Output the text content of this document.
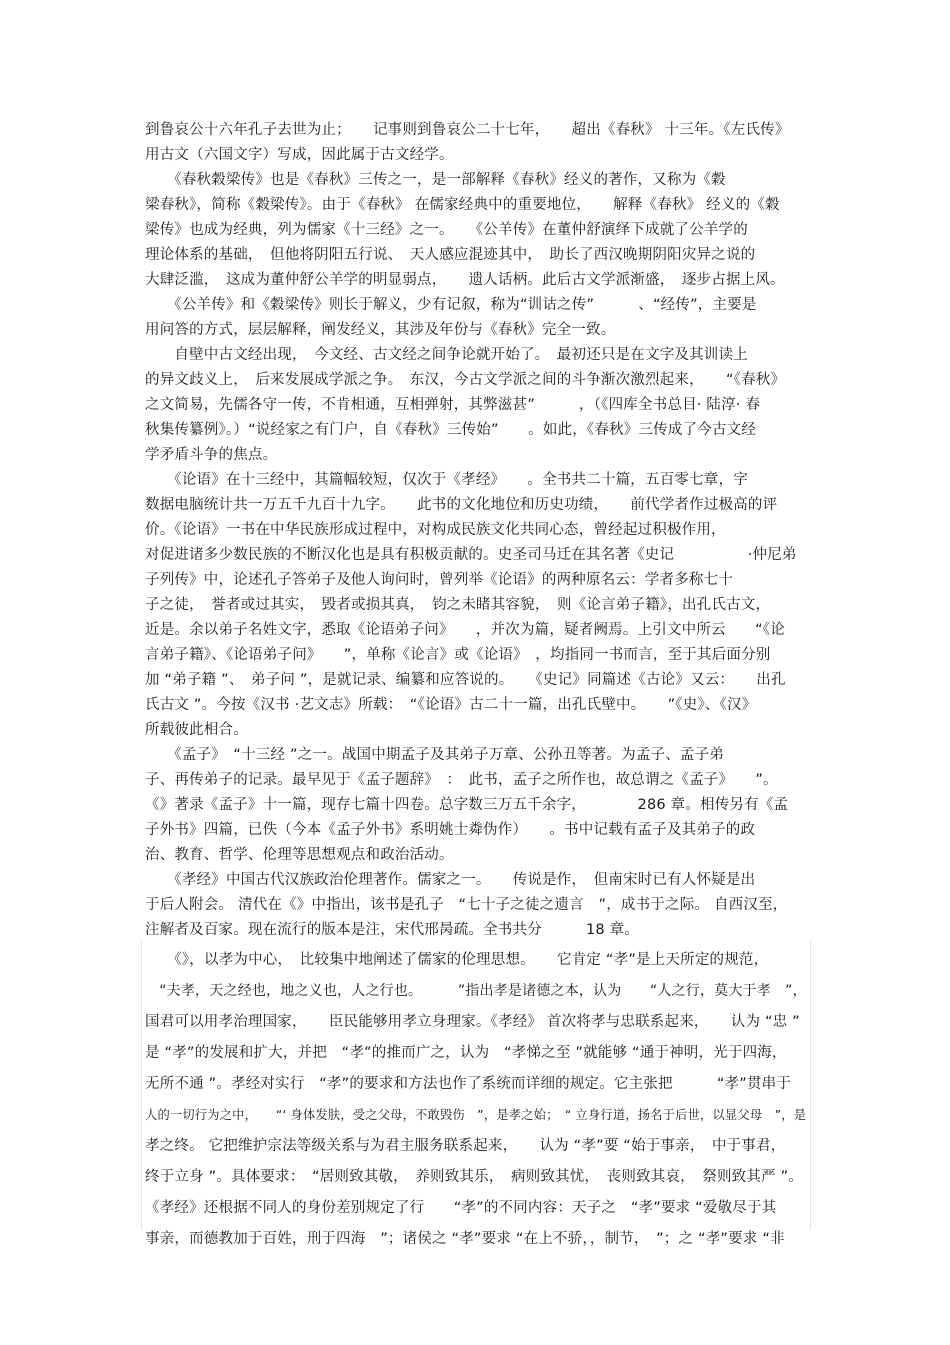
到鲁哀公十六年孔子去世为止；　　记事则到鲁哀公二十七年，　　超出《春秋》 十三年。《左氏传》
用古文（六国文字）写成，因此属于古文经学。
　　《春秋穀梁传》也是《春秋》三传之一，是一部解释《春秋》经义的著作，又称为《穀
梁春秋》，简称《穀梁传》。由于《春秋》 在儒家经典中的重要地位，　　解释《春秋》 经义的《穀
梁传》也成为经典，列为儒家《十三经》之一。　　《公羊传》在董仲舒演绎下成就了公羊学的
理论体系的基础，　但他将阴阳五行说、　天人感应混迹其中，　助长了西汉晚期阴阳灾异之说的
大肆泛滥，　这成为董仲舒公羊学的明显弱点，　　遗人话柄。此后古文学派渐盛，　逐步占据上风。
　　《公羊传》和《穀梁传》则长于解义，少有记叙，称为“训诂之传”　　　、“经传”，主要是
用问答的方式，层层解释，阐发经义，其涉及年份与《春秋》完全一致。
　　自壁中古文经出现，　今文经、古文经之间争论就开始了。　最初还只是在文字及其训读上
的异文歧义上，　后来发展成学派之争。　东汉，今古文学派之间的斗争渐次激烈起来，　　“《春秋》
之文简易，先儒各守一传，不肯相通，互相弹射，其弊滋甚”　　　，（《四库全书总目· 陆淳· 春
秋集传纂例》。）“说经家之有门户，自《春秋》三传始”　　。如此，《春秋》三传成了今古文经
学矛盾斗争的焦点。
　　《论语》在十三经中，其篇幅较短，仅次于《孝经》　　。全书共二十篇，五百零七章，字
数据电脑统计共一万五千九百十九字。　　此书的文化地位和历史功绩，　　前代学者作过极高的评
价。《论语》一书在中华民族形成过程中，对构成民族文化共同心态，曾经起过积极作用，
对促进诸多少数民族的不断汉化也是具有积极贡献的。史圣司马迁在其名著《史记　　　　　·仲尼弟
子列传》中，论述孔子答弟子及他人询问时，曾列举《论语》的两种原名云：学者多称七十
子之徒，　誉者或过其实，　毁者或损其真，　钧之未睹其容貌，　则《论言弟子籍》，出孔氏古文，
近是。余以弟子名姓文字，悉取《论语弟子问》　　，并次为篇，疑者阙焉。上引文中所云　　“《论
言弟子籍》、《论语弟子问》　　”，单称《论言》或《论语》　，均指同一书而言，至于其后面分别
加 “弟子籍 ”、　弟子问 ”，是就记录、编纂和应答说的。　　《史记》同篇述《古论》又云：　　出孔
氏古文 ”。今按《汉书 ·艺文志》所载：　“《论语》古二十一篇，出孔氏壁中。　　”《史》、《汉》
所载彼此相合。
　　《孟子》　“十三经 ”之一。战国中期孟子及其弟子万章、公孙丑等著。为孟子、孟子弟
子、再传弟子的记录。最早见于《孟子题辞》　：　此书，孟子之所作也，故总谓之《孟子》　　”。
《》著录《孟子》十一篇，现存七篇十四卷。总字数三万五千余字，　　　　286 章。相传另有《孟
子外书》四篇，已佚（今本《孟子外书》系明姚士粦伪作）　　。书中记载有孟子及其弟子的政
治、教育、哲学、伦理等思想观点和政治活动。
　　《孝经》中国古代汉族政治伦理著作。儒家之一。　　传说是作，　但南宋时已有人怀疑是出
于后人附会。 清代在《》中指出，该书是孔子　“七十子之徒之遗言　”，成书于之际。 自西汉至，
注解者及百家。现在流行的版本是注，宋代邢昺疏。全书共分　　　18 章。
　　《》，以孝为中心，　比较集中地阐述了儒家的伦理思想。　　它肯定 “孝”是上天所定的规范，
　“夫孝，天之经也，地之义也，人之行也。　　　”指出孝是诸德之本，认为　　“人之行，莫大于孝　”，
国君可以用孝治理国家，　　臣民能够用孝立身理家。《孝经》 首次将孝与忠联系起来，　　认为 “忠 ”
是 “孝”的发展和扩大，并把　“孝”的推而广之，认为　“孝悌之至 ”就能够 “通于神明，光于四海，
无所不通 ”。孝经对实行　“孝”的要求和方法也作了系统而详细的规定。它主张把　　　“孝”贯串于
人的一切行为之中，　　“‘ 身体发肤，受之父母，不敢毁伤　”，是孝之始；　“ 立身行道，扬名于后世，以显父母　”，是
孝之终。 它把维护宗法等级关系与为君主服务联系起来，　　认为 “孝”要 “始于事亲，　中于事君，
终于立身 ”。具体要求：　“居则致其敬，　养则致其乐，　病则致其忧，　丧则致其哀，　祭则致其严 ”。
《孝经》还根据不同人的身份差别规定了行　　“孝”的不同内容：天子之　“孝”要求 “爱敬尽于其
事亲，而德教加于百姓，刑于四海　”；诸侯之 “孝”要求 “在上不骄，，制节，　”；之 “孝”要求 “非
